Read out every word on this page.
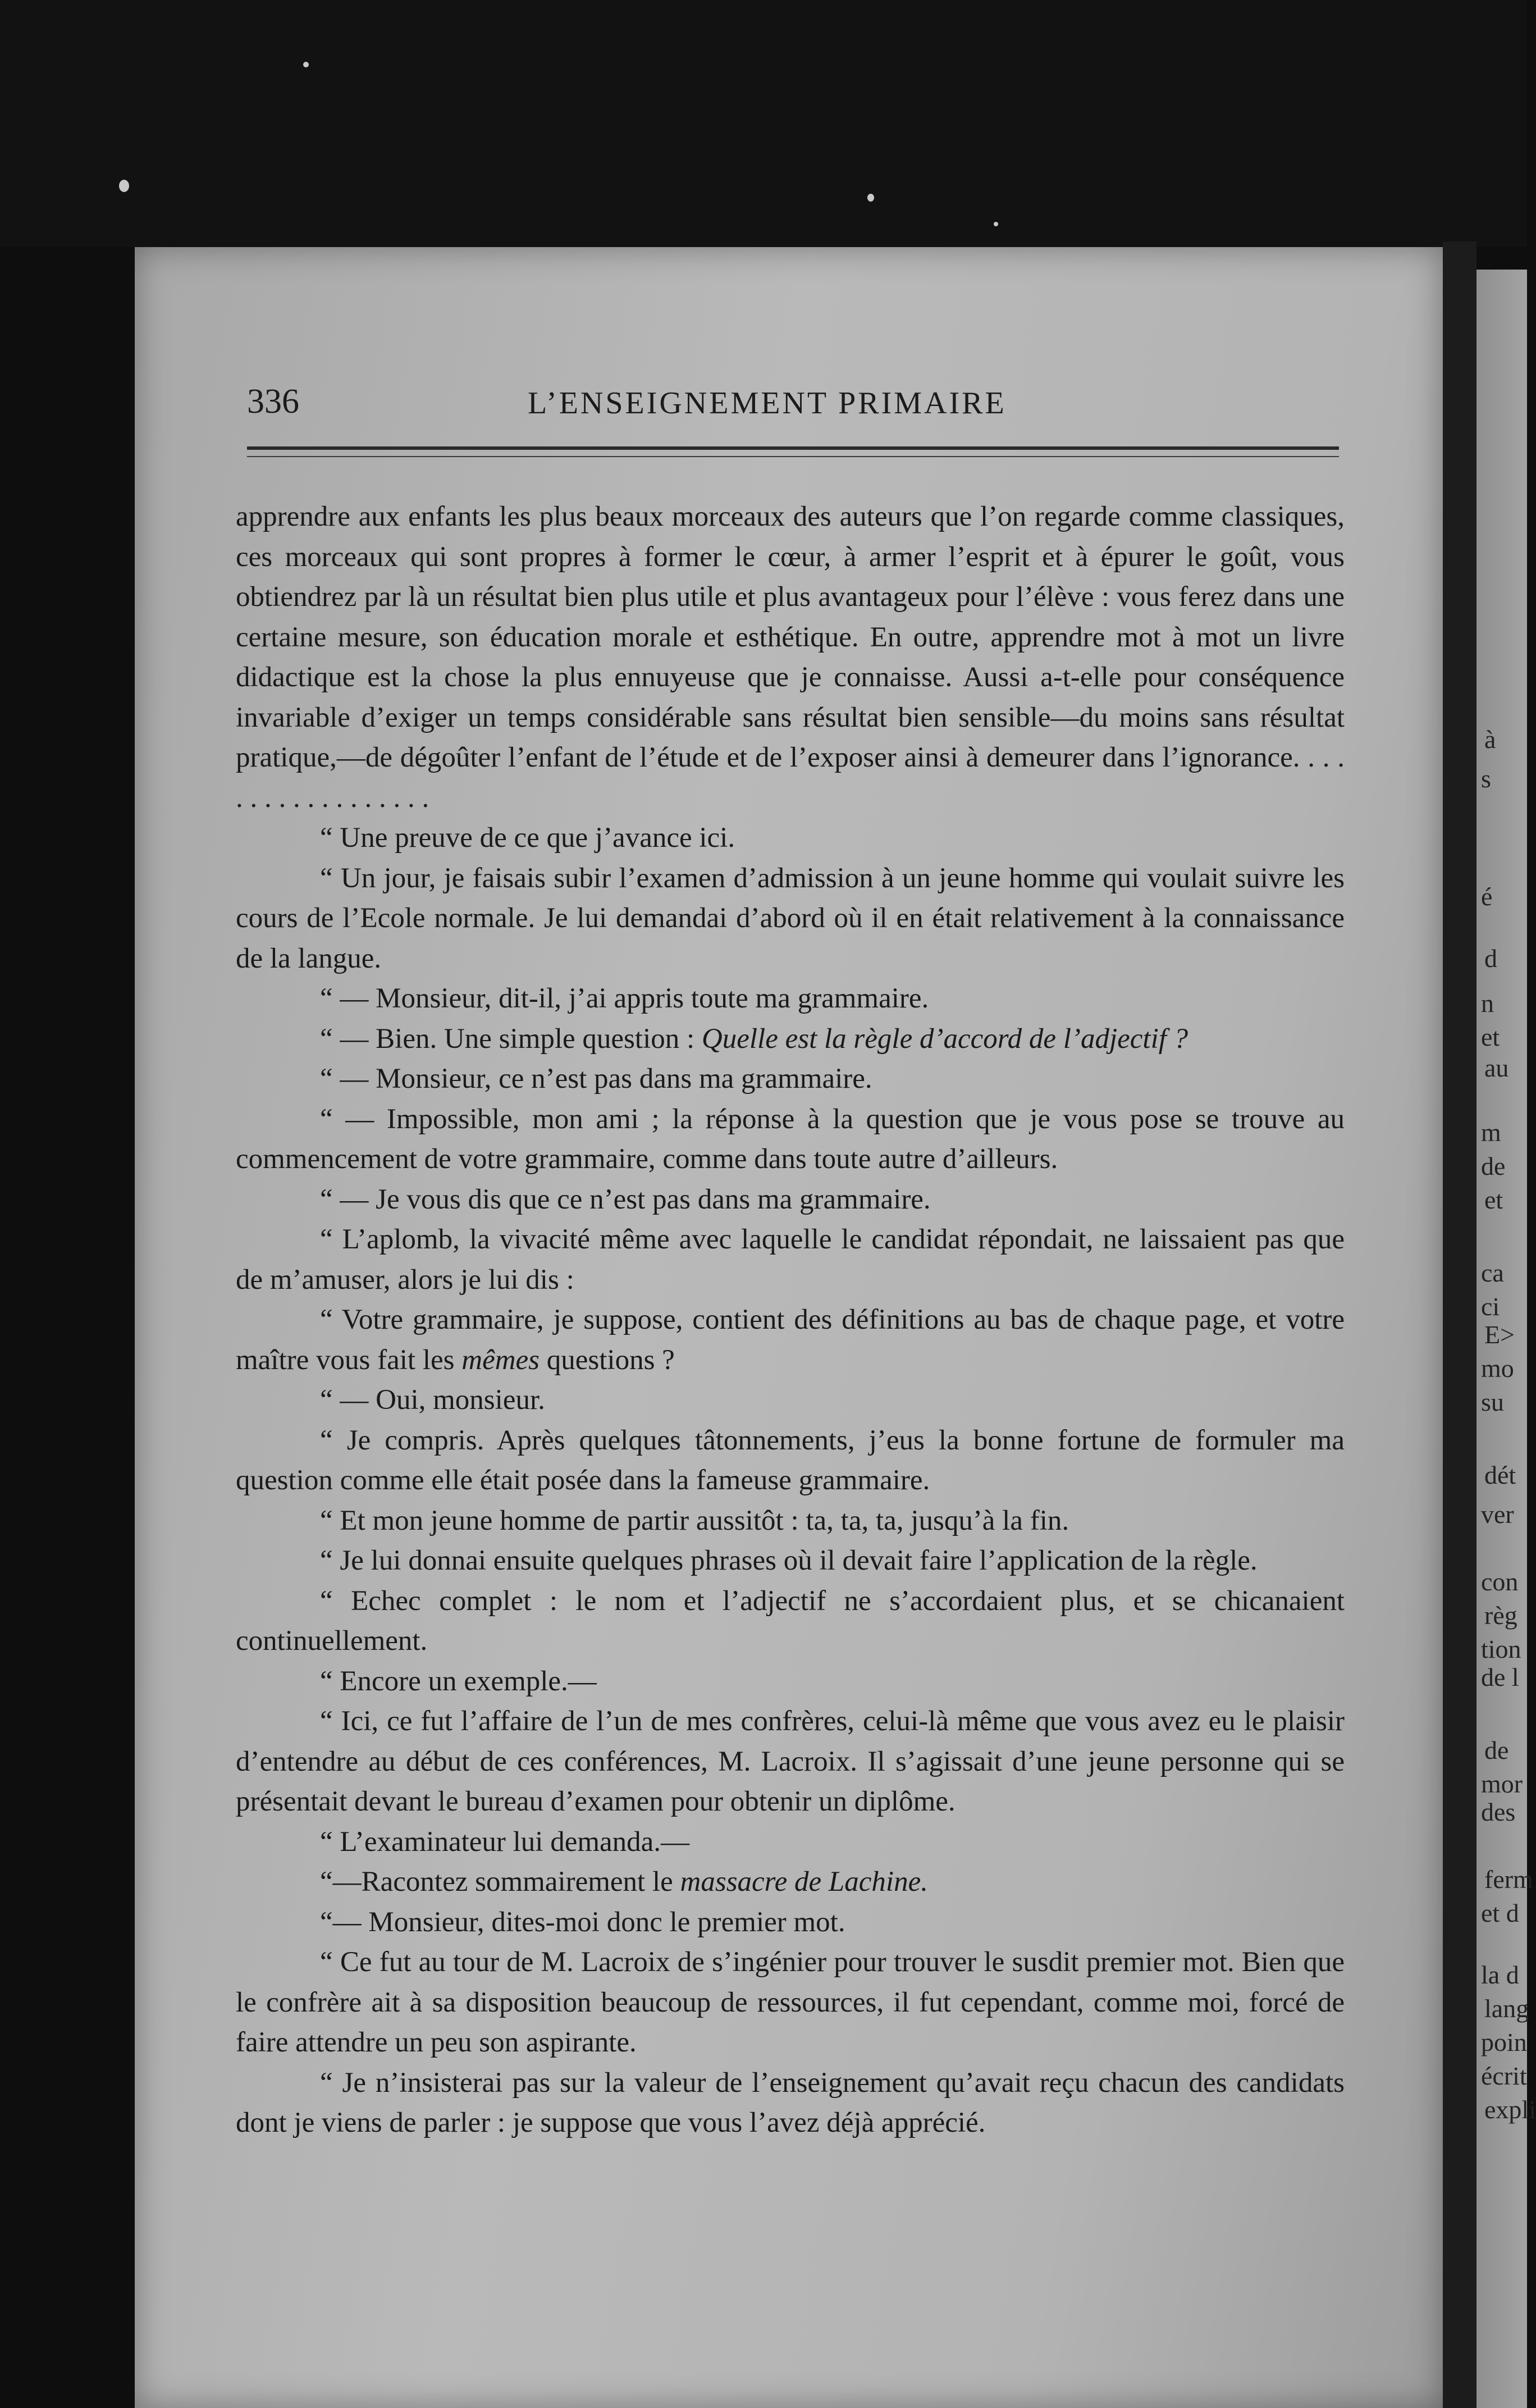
à
s
é
d
n
et
au
m
de
et
ca
ci
E>
mo
su
dét
ver
con
règ
tion
de l
de
mor
des
ferm
et d
la d
lang
poin
écrit
expli
336	L’ENSEIGNEMENT PRIMAIRE

apprendre aux enfants les plus beaux morceaux des auteurs que l’on regarde comme classiques, ces morceaux qui sont propres à former le cœur, à armer l’esprit et à épurer le goût, vous obtiendrez par là un résultat bien plus utile et plus avantageux pour l’élève : vous ferez dans une certaine mesure, son éducation morale et esthétique. En outre, apprendre mot à mot un livre didactique est la chose la plus ennuyeuse que je connaisse. Aussi a-t-elle pour conséquence invariable d’exiger un temps considérable sans résultat bien sensible—du moins sans résultat pratique,—de dégoûter l’enfant de l’étude et de l’exposer ainsi à demeurer dans l’ignorance. . . . . . . . . . . . . . . . . .

“ Une preuve de ce que j’avance ici.

“ Un jour, je faisais subir l’examen d’admission à un jeune homme qui voulait suivre les cours de l’Ecole normale. Je lui demandai d’abord où il en était relativement à la connaissance de la langue.

“ — Monsieur, dit-il, j’ai appris toute ma grammaire.

“ — Bien. Une simple question : Quelle est la règle d’accord de l’adjectif ?

“ — Monsieur, ce n’est pas dans ma grammaire.

“ — Impossible, mon ami ; la réponse à la question que je vous pose se trouve au commencement de votre grammaire, comme dans toute autre d’ailleurs.

“ — Je vous dis que ce n’est pas dans ma grammaire.

“ L’aplomb, la vivacité même avec laquelle le candidat répondait, ne laissaient pas que de m’amuser, alors je lui dis :

“ Votre grammaire, je suppose, contient des définitions au bas de chaque page, et votre maître vous fait les mêmes questions ?

“ — Oui, monsieur.

“ Je compris. Après quelques tâtonnements, j’eus la bonne fortune de formuler ma question comme elle était posée dans la fameuse grammaire.

“ Et mon jeune homme de partir aussitôt : ta, ta, ta, jusqu’à la fin.

“ Je lui donnai ensuite quelques phrases où il devait faire l’application de la règle.

“ Echec complet : le nom et l’adjectif ne s’accordaient plus, et se chicanaient continuellement.

“ Encore un exemple.—

“ Ici, ce fut l’affaire de l’un de mes confrères, celui-là même que vous avez eu le plaisir d’entendre au début de ces conférences, M. Lacroix. Il s’agissait d’une jeune personne qui se présentait devant le bureau d’examen pour obtenir un diplôme.

“ L’examinateur lui demanda.—

“—Racontez sommairement le massacre de Lachine.

“— Monsieur, dites-moi donc le premier mot.

“ Ce fut au tour de M. Lacroix de s’ingénier pour trouver le susdit premier mot. Bien que le confrère ait à sa disposition beaucoup de ressources, il fut cependant, comme moi, forcé de faire attendre un peu son aspirante.

“ Je n’insisterai pas sur la valeur de l’enseignement qu’avait reçu chacun des candidats dont je viens de parler : je suppose que vous l’avez déjà apprécié.
